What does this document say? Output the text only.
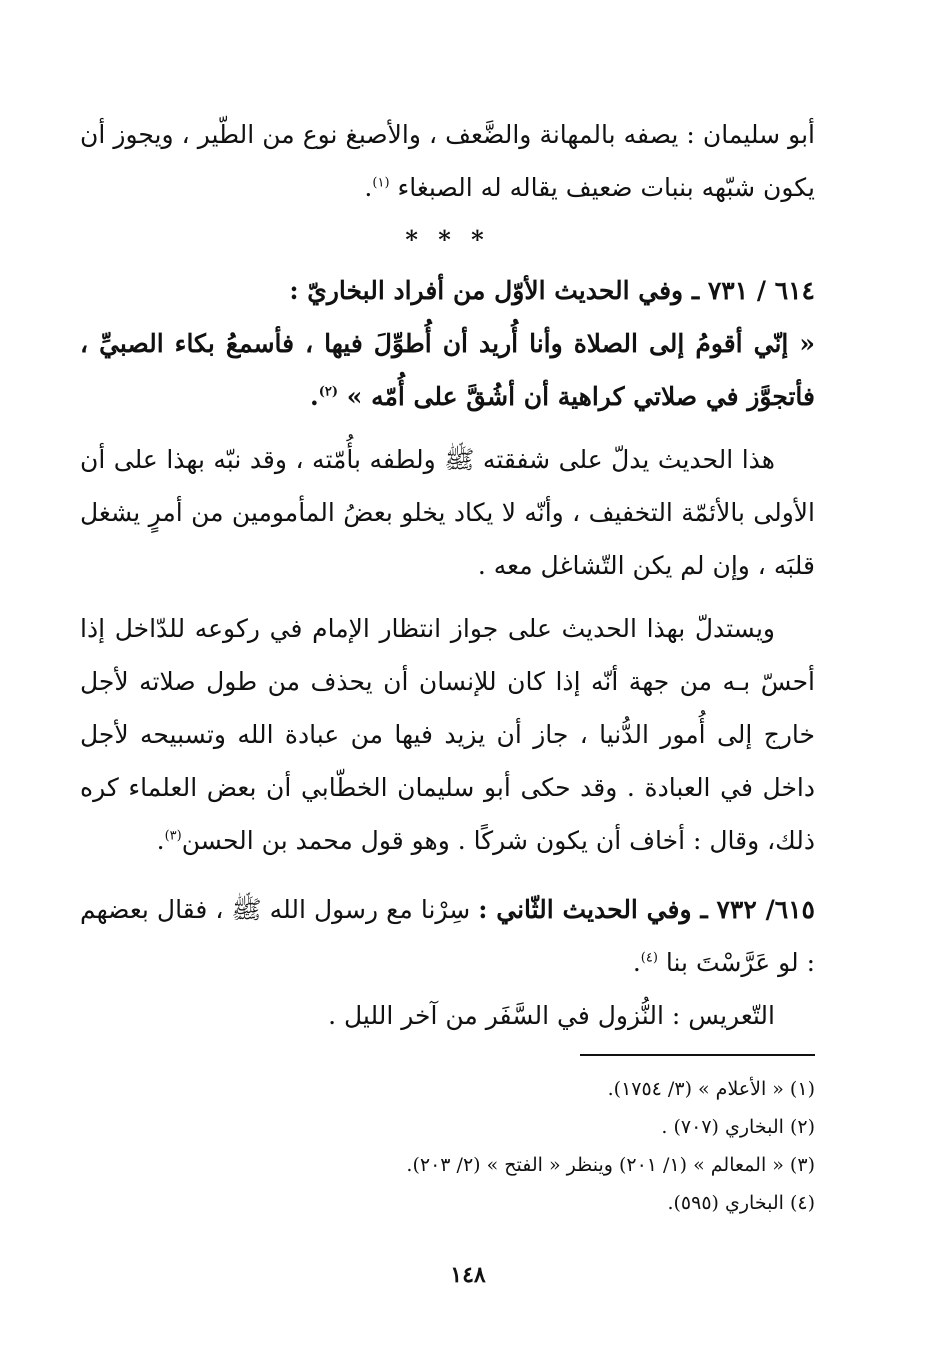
أبو سليمان : يصفه بالمهانة والضَّعف ، والأصبغ نوع من الطّير ، ويجوز أن يكون شبّهه بنبات ضعيف يقاله له الصبغاء $^{(١)}$.

* * *

٦١٤ / ٧٣١ ـ وفي الحديث الأوّل من أفراد البخاريّ :

« إنّي أقومُ إلى الصلاة وأنا أُريد أن أُطوِّلَ فيها ، فأسمعُ بكاء الصبيِّ ، فأتجوَّز في صلاتي كراهية أن أشُقَّ على أُمّه » $^{(٢)}$.

هذا الحديث يدلّ على شفقته ﷺ ولطفه بأُمّته ، وقد نبّه بهذا على أن الأولى بالأئمّة التخفيف ، وأنّه لا يكاد يخلو بعضُ المأمومين من أمرٍ يشغل قلبَه ، وإن لم يكن التّشاغل معه .

ويستدلّ بهذا الحديث على جواز انتظار الإمام في ركوعه للدّاخل إذا أحسّ بـه من جهة أنّه إذا كان للإنسان أن يحذف من طول صلاته لأجل خارج إلى أُمور الدُّنيا ، جاز أن يزيد فيها من عبادة الله وتسبيحه لأجل داخل في العبادة . وقد حكى أبو سليمان الخطّابي أن بعض العلماء كره ذلك، وقال : أخاف أن يكون شركًا . وهو قول محمد بن الحسن$^{(٣)}$.

٦١٥/ ٧٣٢ ـ وفي الحديث الثّاني : سِرْنا مع رسول الله ﷺ ، فقال بعضهم : لو عَرَّسْتَ بنا $^{(٤)}$.

التّعريس : النُّزول في السَّفَر من آخر الليل .

(١) « الأعلام » (٣/ ١٧٥٤).
(٢) البخاري (٧٠٧) .
(٣) « المعالم » (١/ ٢٠١) وينظر « الفتح » (٢/ ٢٠٣).
(٤) البخاري (٥٩٥).
١٤٨
